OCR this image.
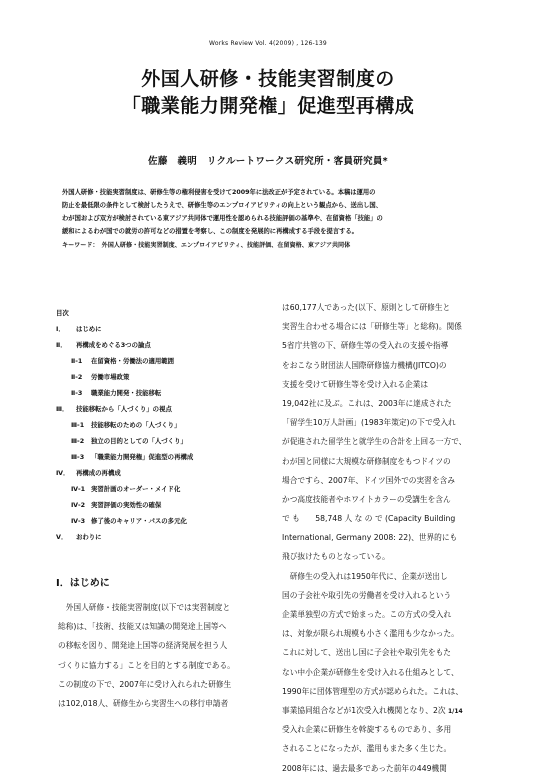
Works Review Vol. 4(2009) , 126-139
外国人研修・技能実習制度の
「職業能力開発権」促進型再構成
佐藤　義明　リクルートワークス研究所・客員研究員*
外国人研修・技能実習制度は、研修生等の権利侵害を受けて2009年に法改正が予定されている。本稿は運用の
防止を最低限の条件として検討したうえで、研修生等のエンプロイアビリティの向上という観点から、送出し国、
わが国および双方が検討されている東アジア共同体で運用性を認められる技能評価の基準や、在留資格「技能」の
緩和によるわが国での就労の許可などの措置を考察し、この制度を発展的に再構成する手段を提言する。
キーワード：　外国人研修・技能実習制度、エンプロイアビリティ、技能評価、在留資格、東アジア共同体
目次
Ⅰ． はじめに
Ⅱ． 再構成をめぐる3つの論点
Ⅱ-1 在留資格・労働法の適用範囲
Ⅱ-2 労働市場政策
Ⅱ-3 職業能力開発・技能移転
Ⅲ． 技能移転から「人づくり」の視点
Ⅲ-1 技能移転のための「人づくり」
Ⅲ-2 独立の目的としての「人づくり」
Ⅲ-3 「職業能力開発権」促進型の再構成
Ⅳ． 再構成の再構成
Ⅳ-1 実習計画のオーダー・メイド化
Ⅳ-2 実習評価の実効性の確保
Ⅳ-3 修了後のキャリア・パスの多元化
Ⅴ． おわりに
Ⅰ．はじめに
　外国人研修・技能実習制度(以下では実習制度と
総称)は、「技術、技能又は知識の開発途上国等へ
の移転を図り、開発途上国等の経済発展を担う人
づくりに協力する」ことを目的とする制度である。
この制度の下で、2007年に受け入れられた研修生
は102,018人、研修生から実習生への移行申請者
は60,177人であった(以下、原則として研修生と
実習生合わせる場合には「研修生等」と総称)。関係
5省庁共管の下、研修生等の受入れの支援や指導
をおこなう財団法人国際研修協力機構(JITCO)の
支援を受けて研修生等を受け入れる企業は
19,042社に及ぶ。これは、2003年に達成された
「留学生10万人計画」(1983年策定)の下で受入れ
が促進された留学生と就学生の合計を上回る一方で、
わが国と同様に大規模な研修制度をもつドイツの
場合ですら、2007年、ドイツ国外での実習を含み
かつ高度技能者やホワイトカラーの受講生を含ん
で も　　58,748 人 な の で (Capacity Building
International, Germany 2008: 22)、世界的にも
飛び抜けたものとなっている。
　研修生の受入れは1950年代に、企業が送出し
国の子会社や取引先の労働者を受け入れるという
企業単独型の方式で始まった。この方式の受入れ
は、対象が限られ規模も小さく濫用も少なかった。
これに対して、送出し国に子会社や取引先をもた
ない中小企業が研修生を受け入れる仕組みとして、
1990年に団体管理型の方式が認められた。これは、
事業協同組合などが1次受入れ機関となり、2次
受入れ企業に研修生を斡旋するものであり、多用
されることになったが、濫用もまた多く生じた。
2008年には、過去最多であった前年の449機関
1/14
